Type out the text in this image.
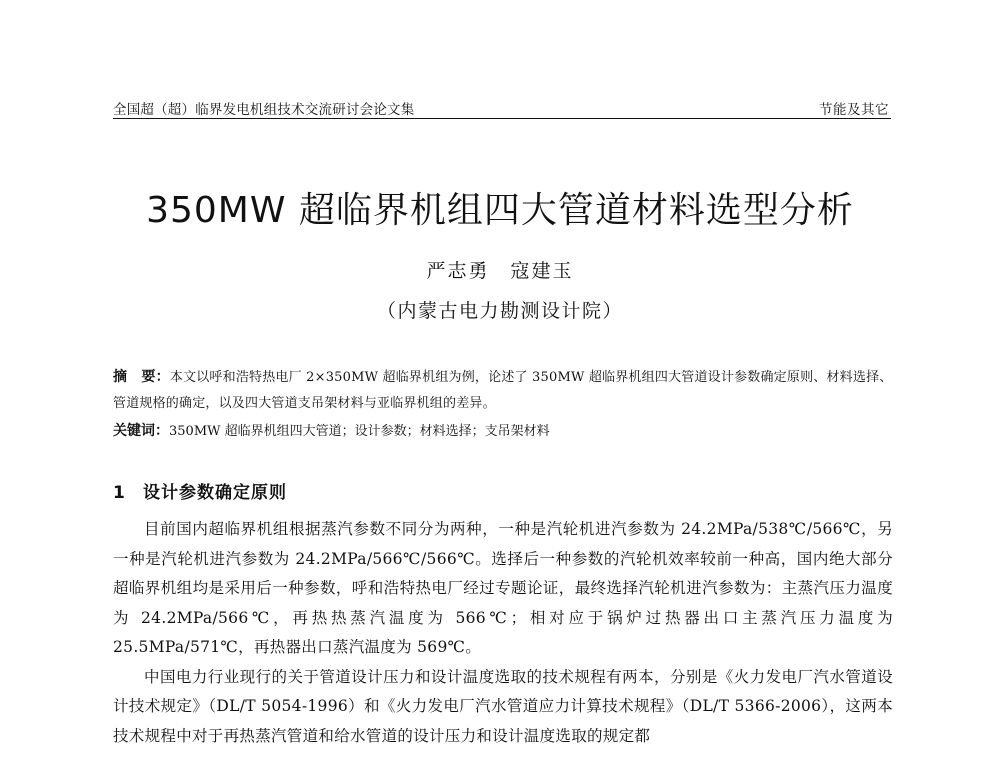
全国超（超）临界发电机组技术交流研讨会论文集	节能及其它
350MW 超临界机组四大管道材料选型分析
严志勇　寇建玉
（内蒙古电力勘测设计院）
摘　要：本文以呼和浩特热电厂 2×350MW 超临界机组为例，论述了 350MW 超临界机组四大管道设计参数确定原则、材料选择、管道规格的确定，以及四大管道支吊架材料与亚临界机组的差异。
关键词：350MW 超临界机组四大管道；设计参数；材料选择；支吊架材料
1 设计参数确定原则

目前国内超临界机组根据蒸汽参数不同分为两种，一种是汽轮机进汽参数为 24.2MPa/538℃/566℃，另一种是汽轮机进汽参数为 24.2MPa/566℃/566℃。选择后一种参数的汽轮机效率较前一种高，国内绝大部分超临界机组均是采用后一种参数，呼和浩特热电厂经过专题论证，最终选择汽轮机进汽参数为：主蒸汽压力温度为 24.2MPa/566℃，再热热蒸汽温度为 566℃；相对应于锅炉过热器出口主蒸汽压力温度为 25.5MPa/571℃，再热器出口蒸汽温度为 569℃。

中国电力行业现行的关于管道设计压力和设计温度选取的技术规程有两本，分别是《火力发电厂汽水管道设计技术规定》（DL/T 5054-1996）和《火力发电厂汽水管道应力计算技术规程》（DL/T 5366-2006），这两本技术规程中对于再热蒸汽管道和给水管道的设计压力和设计温度选取的规定都
